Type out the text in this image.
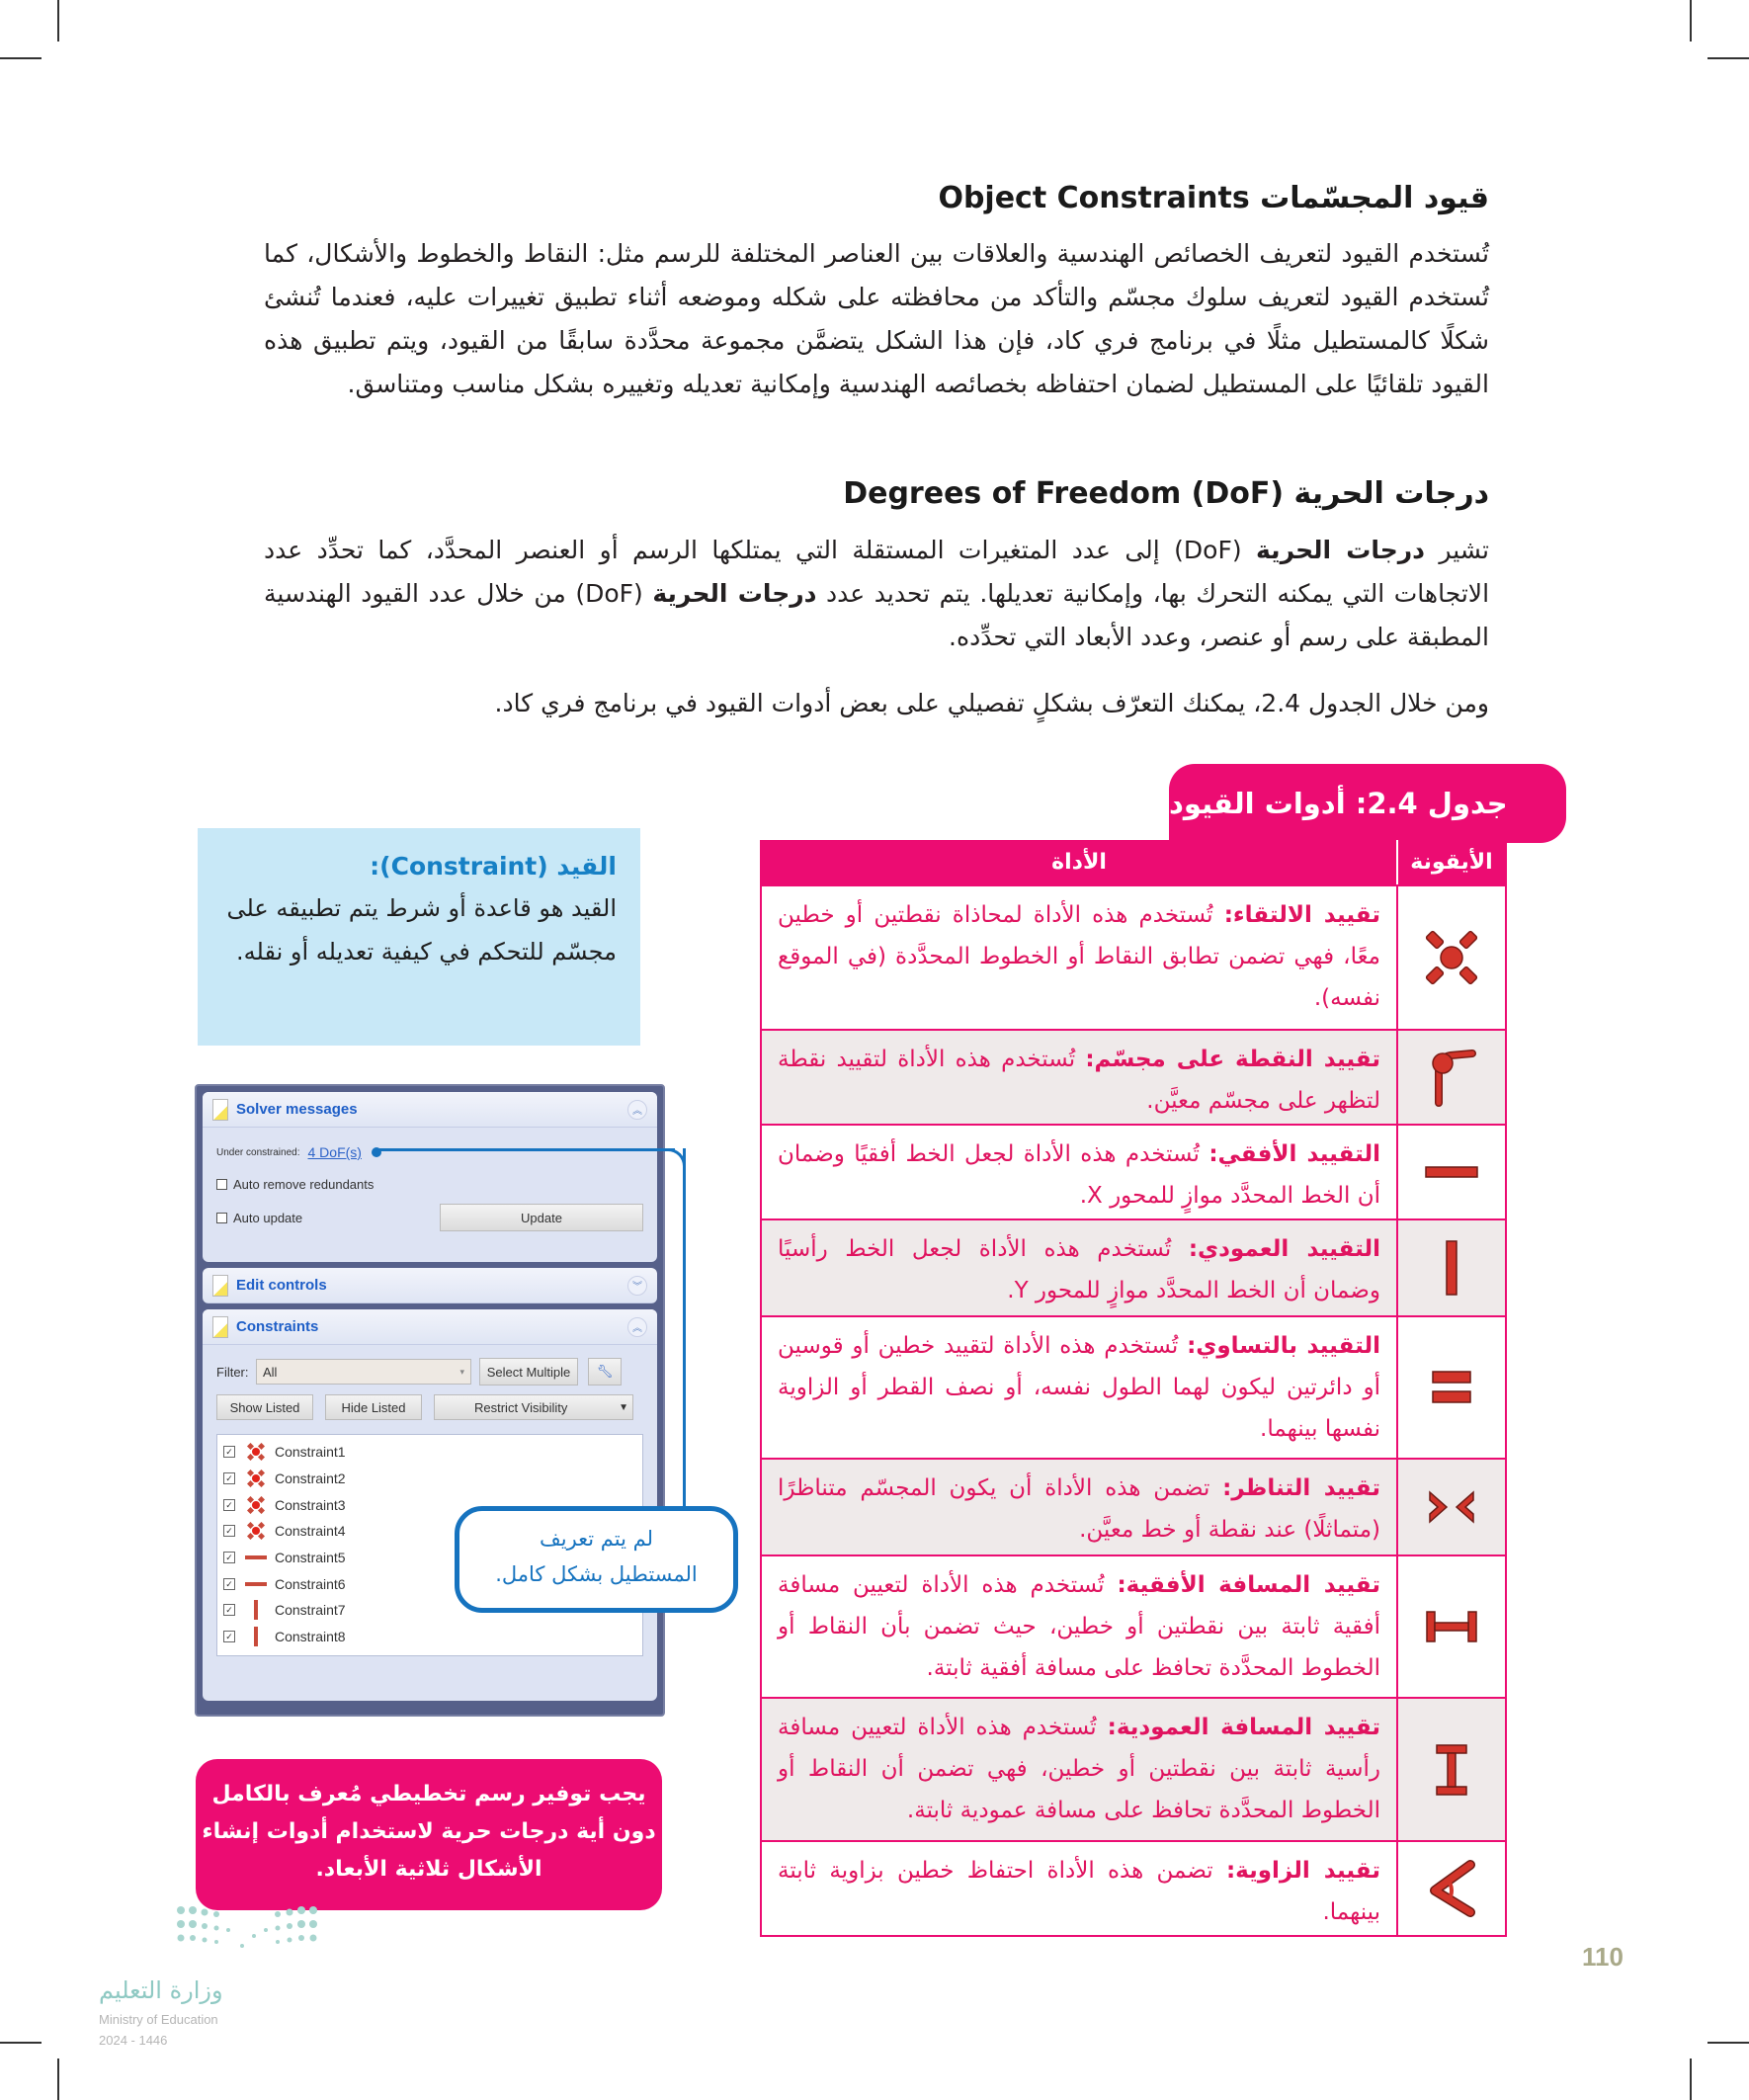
قيود المجسّمات Object Constraints

تُستخدم القيود لتعريف الخصائص الهندسية والعلاقات بين العناصر المختلفة للرسم مثل: النقاط والخطوط والأشكال، كما تُستخدم القيود لتعريف سلوك مجسّم والتأكد من محافظته على شكله وموضعه أثناء تطبيق تغييرات عليه، فعندما تُنشئ شكلًا كالمستطيل مثلًا في برنامج فري كاد، فإن هذا الشكل يتضمَّن مجموعة محدَّدة سابقًا من القيود، ويتم تطبيق هذه القيود تلقائيًا على المستطيل لضمان احتفاظه بخصائصه الهندسية وإمكانية تعديله وتغييره بشكل مناسب ومتناسق.

درجات الحرية Degrees of Freedom (DoF)

تشير درجات الحرية (DoF) إلى عدد المتغيرات المستقلة التي يمتلكها الرسم أو العنصر المحدَّد، كما تحدِّد عدد الاتجاهات التي يمكنه التحرك بها، وإمكانية تعديلها. يتم تحديد عدد درجات الحرية (DoF) من خلال عدد القيود الهندسية المطبقة على رسم أو عنصر، وعدد الأبعاد التي تحدِّده.

ومن خلال الجدول 2.4، يمكنك التعرّف بشكلٍ تفصيلي على بعض أدوات القيود في برنامج فري كاد.

جدول 2.4: أدوات القيود
الأيقونة
الأداة
تقييد الالتقاء: تُستخدم هذه الأداة لمحاذاة نقطتين أو خطين معًا، فهي تضمن تطابق النقاط أو الخطوط المحدَّدة (في الموقع نفسه).
تقييد النقطة على مجسّم: تُستخدم هذه الأداة لتقييد نقطة لتظهر على مجسّم معيَّن.
التقييد الأفقي: تُستخدم هذه الأداة لجعل الخط أفقيًا وضمان أن الخط المحدَّد موازٍ للمحور X.
التقييد العمودي: تُستخدم هذه الأداة لجعل الخط رأسيًا وضمان أن الخط المحدَّد موازٍ للمحور Y.
التقييد بالتساوي: تُستخدم هذه الأداة لتقييد خطين أو قوسين أو دائرتين ليكون لهما الطول نفسه، أو نصف القطر أو الزاوية نفسها بينهما.
تقييد التناظر: تضمن هذه الأداة أن يكون المجسّم متناظرًا (متماثلًا) عند نقطة أو خط معيَّن.
تقييد المسافة الأفقية: تُستخدم هذه الأداة لتعيين مسافة أفقية ثابتة بين نقطتين أو خطين، حيث تضمن بأن النقاط أو الخطوط المحدَّدة تحافظ على مسافة أفقية ثابتة.
تقييد المسافة العمودية: تُستخدم هذه الأداة لتعيين مسافة رأسية ثابتة بين نقطتين أو خطين، فهي تضمن أن النقاط أو الخطوط المحدَّدة تحافظ على مسافة عمودية ثابتة.
تقييد الزاوية: تضمن هذه الأداة احتفاظ خطين بزاوية ثابتة بينهما.
القيد (Constraint):
القيد هو قاعدة أو شرط يتم تطبيقه على مجسّم للتحكم في كيفية تعديله أو نقله.
Solver messages	︽
Under constrained: 4 DoF(s)
Auto remove redundants
Auto update	Update
Edit controls	︾
Constraints	︽
Filter:	All	▾	Select Multiple	🔧︎
Show Listed	Hide Listed	Restrict Visibility	▼
✓	Constraint1
✓	Constraint2
✓	Constraint3
✓	Constraint4
✓	Constraint5
✓	Constraint6
✓	Constraint7
✓	Constraint8
لم يتم تعريف
المستطيل بشكل كامل.
يجب توفير رسم تخطيطي مُعرف بالكامل دون أية درجات حرية لاستخدام أدوات إنشاء الأشكال ثلاثية الأبعاد.
وزارة التعليم
Ministry of Education
2024 - 1446
110
